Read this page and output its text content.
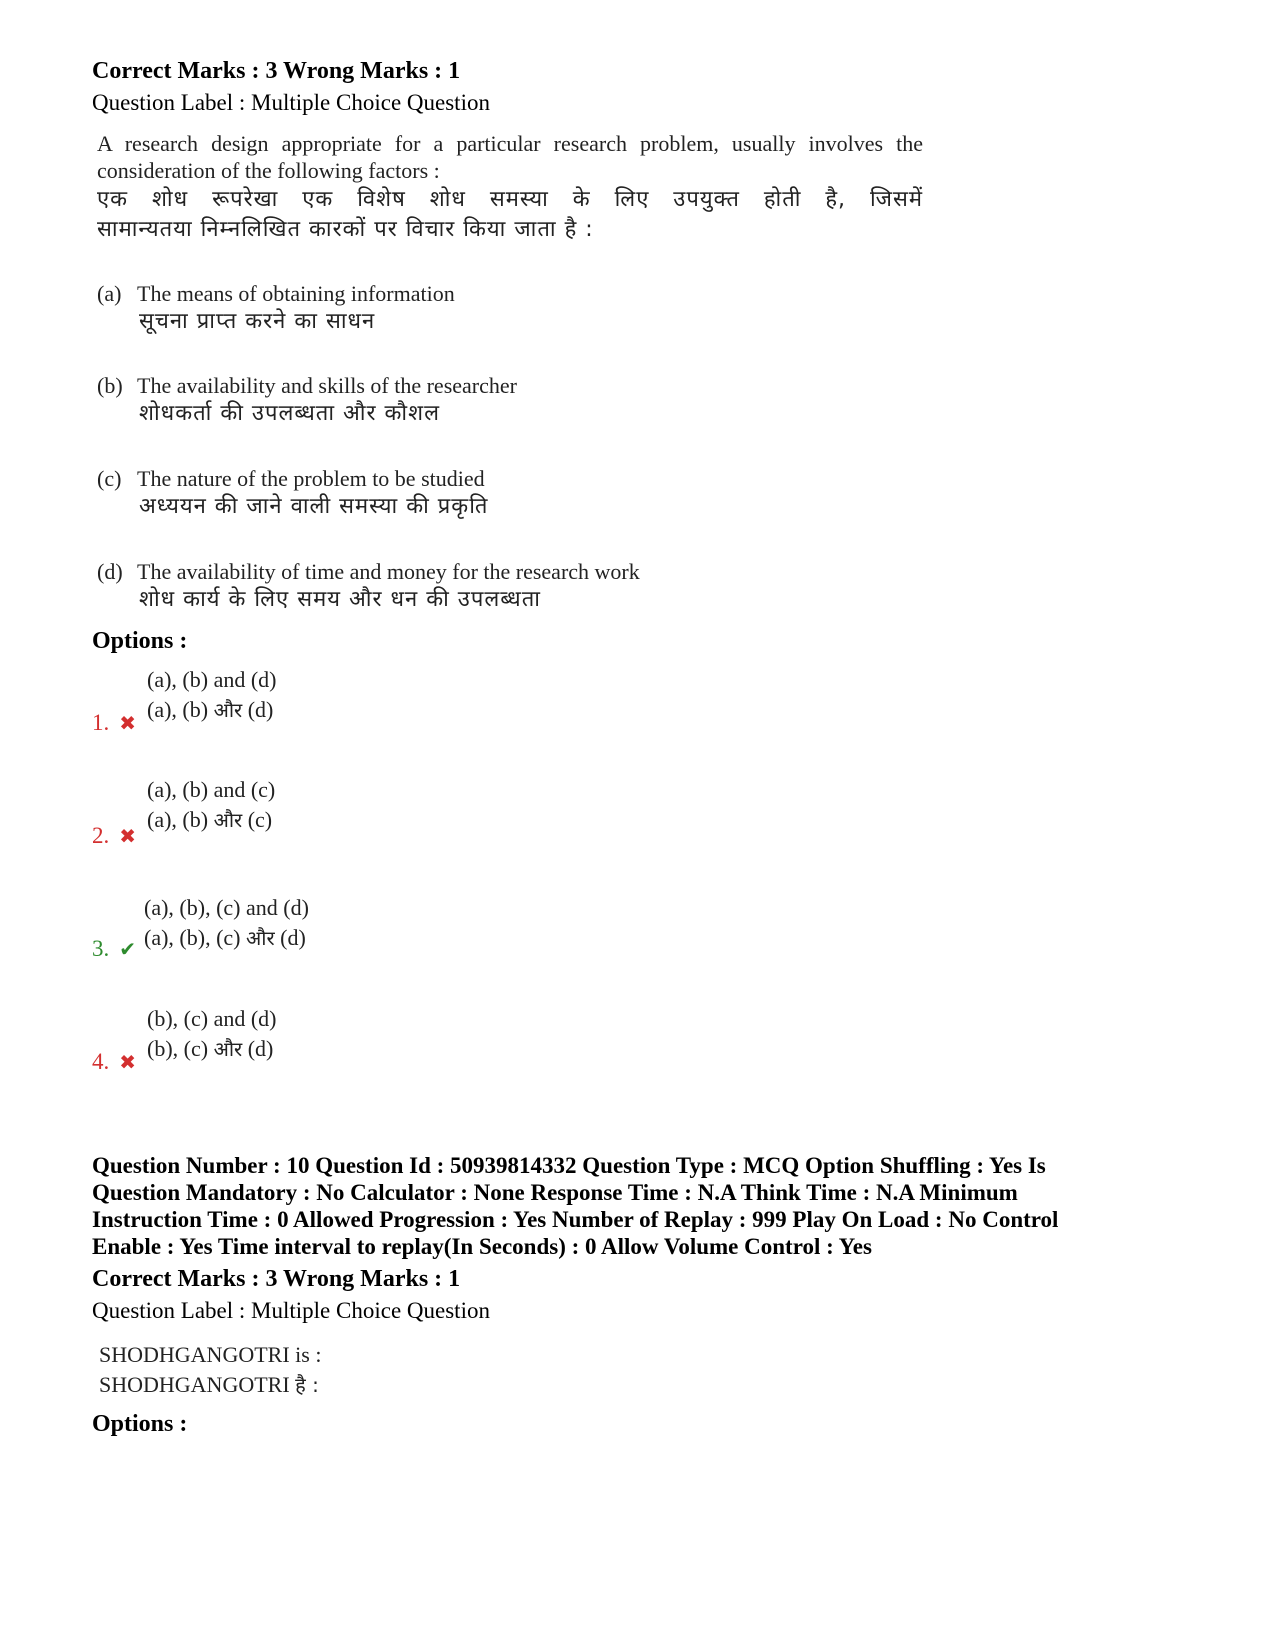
Correct Marks : 3 Wrong Marks : 1
Question Label : Multiple Choice Question
A research design appropriate for a particular research problem, usually involves the
consideration of the following factors :
एक शोध रूपरेखा एक विशेष शोध समस्या के लिए उपयुक्त होती है, जिसमें
सामान्यतया निम्नलिखित कारकों पर विचार किया जाता है :
(a) The means of obtaining information
सूचना प्राप्त करने का साधन
(b) The availability and skills of the researcher
शोधकर्ता की उपलब्धता और कौशल
(c) The nature of the problem to be studied
अध्ययन की जाने वाली समस्या की प्रकृति
(d) The availability of time and money for the research work
शोध कार्य के लिए समय और धन की उपलब्धता
Options :
1. ✖
(a), (b) and (d)
(a), (b) और (d)
2. ✖
(a), (b) and (c)
(a), (b) और (c)
3. ✔
(a), (b), (c) and (d)
(a), (b), (c) और (d)
4. ✖
(b), (c) and (d)
(b), (c) और (d)
Question Number : 10 Question Id : 50939814332 Question Type : MCQ Option Shuffling : Yes Is Question Mandatory : No Calculator : None Response Time : N.A Think Time : N.A Minimum Instruction Time : 0 Allowed Progression : Yes Number of Replay : 999 Play On Load : No Control Enable : Yes Time interval to replay(In Seconds) : 0 Allow Volume Control : Yes
Correct Marks : 3 Wrong Marks : 1
Question Label : Multiple Choice Question
SHODHGANGOTRI is :
SHODHGANGOTRI है :
Options :
